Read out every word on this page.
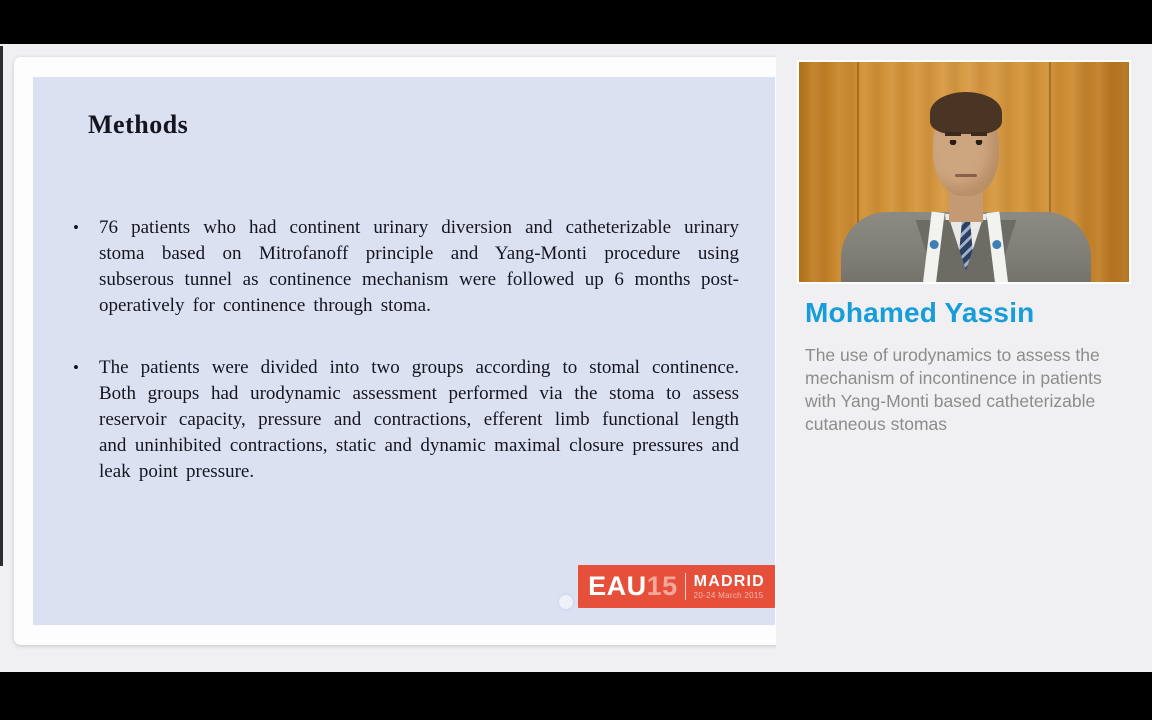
Methods
•	76 patients who had continent urinary diversion and catheterizable urinary stoma based on Mitrofanoff principle and Yang-Monti procedure using subserous tunnel as continence mechanism were followed up 6 months post-operatively for continence through stoma.
•	The patients were divided into two groups according to stomal continence. Both groups had urodynamic assessment performed via the stoma to assess reservoir capacity, pressure and contractions, efferent limb functional length and uninhibited contractions, static and dynamic maximal closure pressures and leak point pressure.
EAU 15 MADRID
20-24 March 2015
Mohamed Yassin

The use of urodynamics to assess the mechanism of incontinence in patients with Yang-Monti based catheterizable cutaneous stomas
